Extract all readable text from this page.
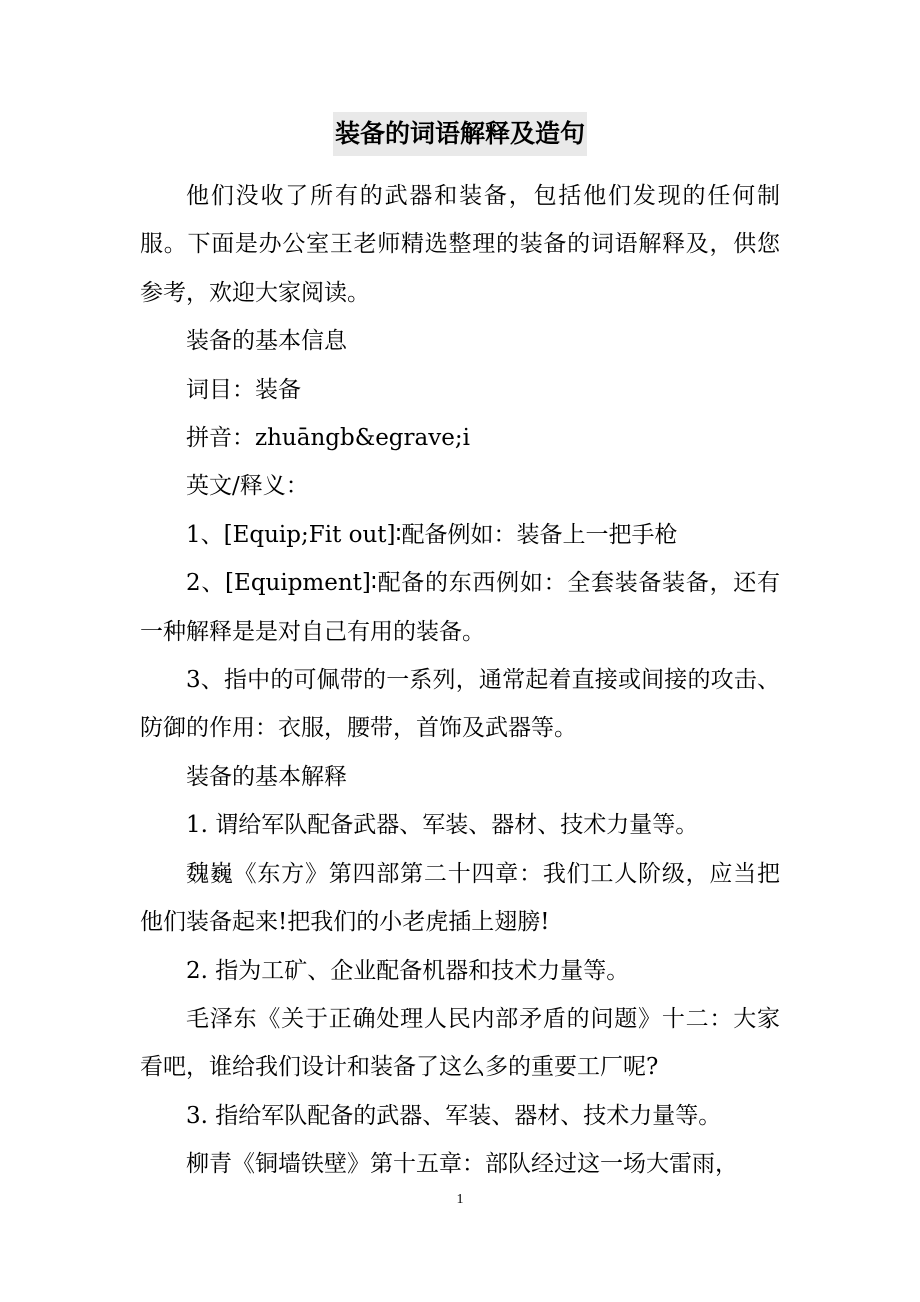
装备的词语解释及造句

他们没收了所有的武器和装备，包括他们发现的任何制服。下面是办公室王老师精选整理的装备的词语解释及，供您参考，欢迎大家阅读。

装备的基本信息

词目：装备

拼音：zhuāngb&egrave;i

英文/释义：

1、[Equip;Fit out]∶配备例如：装备上一把手枪

2、[Equipment]∶配备的东西例如：全套装备装备，还有一种解释是是对自己有用的装备。

3、指中的可佩带的一系列，通常起着直接或间接的攻击、防御的作用：衣服，腰带，首饰及武器等。

装备的基本解释

1. 谓给军队配备武器、军装、器材、技术力量等。

魏巍《东方》第四部第二十四章：我们工人阶级，应当把他们装备起来!把我们的小老虎插上翅膀!

2. 指为工矿、企业配备机器和技术力量等。

毛泽东《关于正确处理人民内部矛盾的问题》十二：大家看吧，谁给我们设计和装备了这么多的重要工厂呢?

3. 指给军队配备的武器、军装、器材、技术力量等。

柳青《铜墙铁壁》第十五章：部队经过这一场大雷雨，

1
